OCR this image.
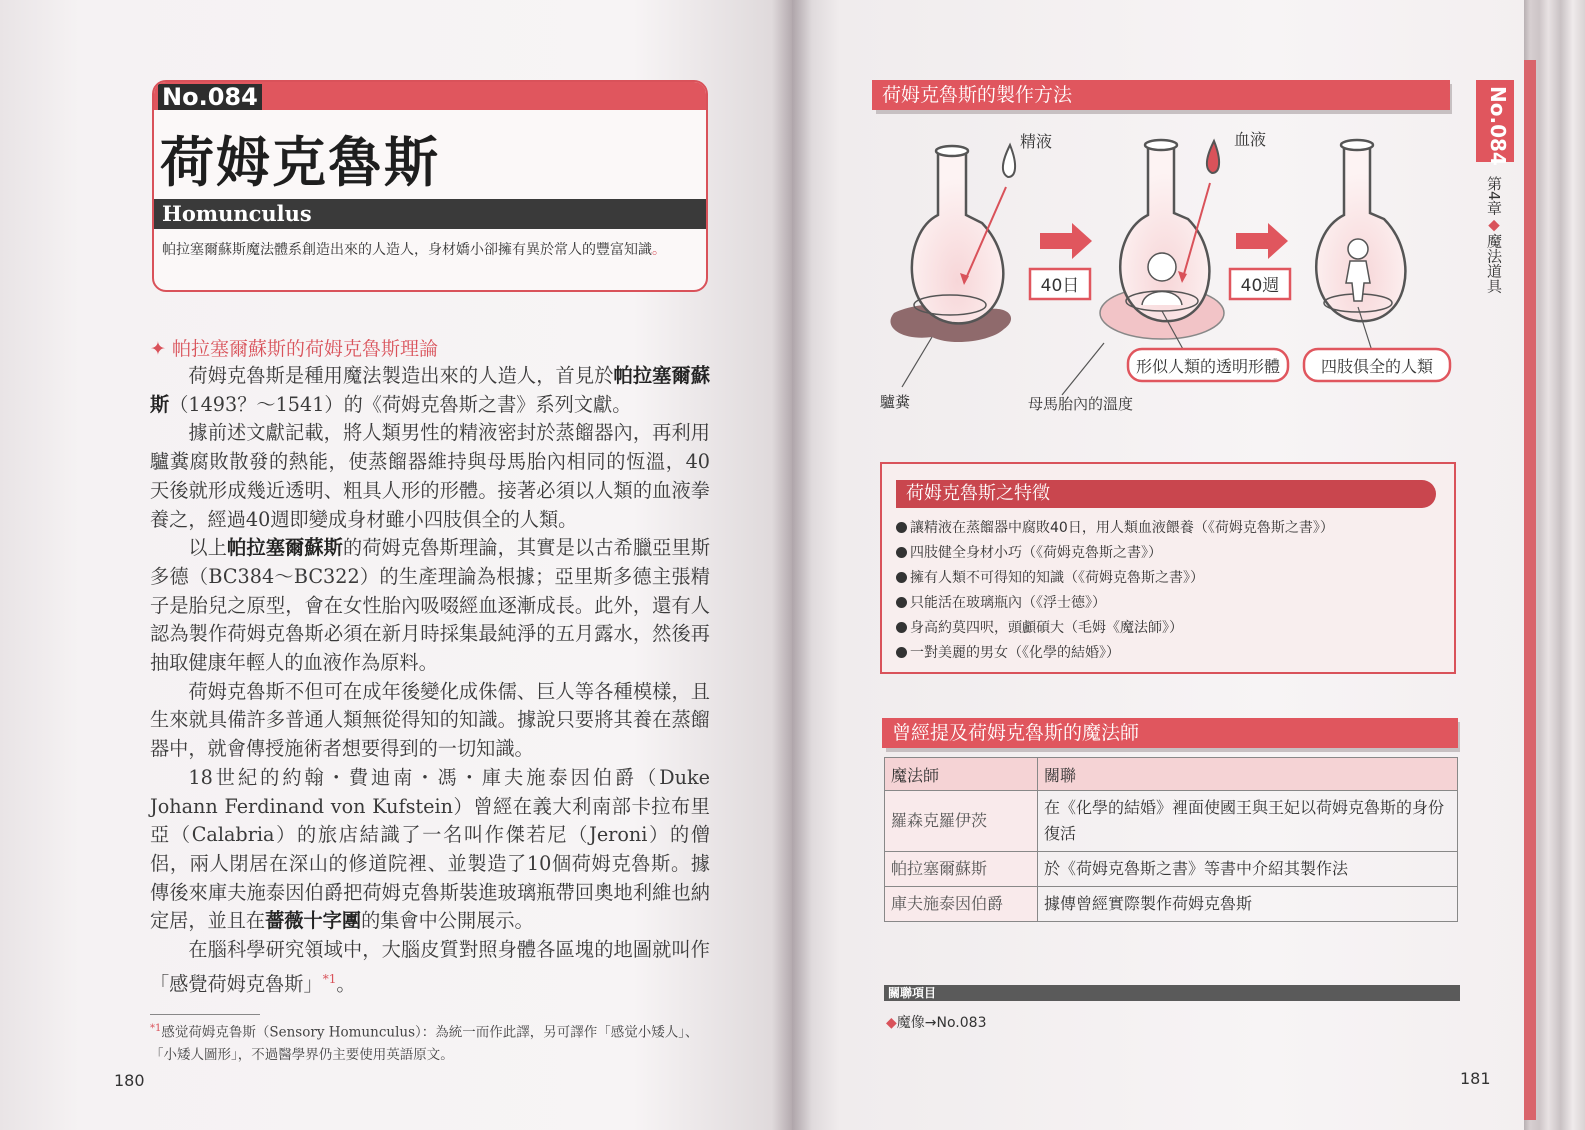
No.084
荷姆克魯斯
Homunculus
帕拉塞爾蘇斯魔法體系創造出來的人造人，身材嬌小卻擁有異於常人的豐富知識。
✦ 帕拉塞爾蘇斯的荷姆克魯斯理論

荷姆克魯斯是種用魔法製造出來的人造人，首見於帕拉塞爾蘇斯（1493？～1541）的《荷姆克魯斯之書》系列文獻。

據前述文獻記載，將人類男性的精液密封於蒸餾器內，再利用驢糞腐敗散發的熱能，使蒸餾器維持與母馬胎內相同的恆溫，40天後就形成幾近透明、粗具人形的形體。接著必須以人類的血液拳養之，經過40週即變成身材雖小四肢俱全的人類。

以上帕拉塞爾蘇斯的荷姆克魯斯理論，其實是以古希臘亞里斯多德（BC384～BC322）的生產理論為根據；亞里斯多德主張精子是胎兒之原型，會在女性胎內吸啜經血逐漸成長。此外，還有人認為製作荷姆克魯斯必須在新月時採集最純淨的五月露水，然後再抽取健康年輕人的血液作為原料。

荷姆克魯斯不但可在成年後變化成侏儒、巨人等各種模樣，且生來就具備許多普通人類無從得知的知識。據說只要將其養在蒸餾器中，就會傳授施術者想要得到的一切知識。

18世紀的約翰・費迪南・馮・庫夫施泰因伯爵（Duke Johann Ferdinand von Kufstein）曾經在義大利南部卡拉布里亞（Calabria）的旅店結識了一名叫作傑若尼（Jeroni）的僧侶，兩人閉居在深山的修道院裡、並製造了10個荷姆克魯斯。據傳後來庫夫施泰因伯爵把荷姆克魯斯裝進玻璃瓶帶回奧地利維也納定居，並且在薔薇十字團的集會中公開展示。

在腦科學研究領域中，大腦皮質對照身體各區塊的地圖就叫作「感覺荷姆克魯斯」$^{*1}$。

$^{*1}$感觉荷姆克鲁斯（Sensory Homunculus）：為統一而作此譯，另可譯作「感觉小矮人」、「小矮人圖形」，不過醫學界仍主要使用英語原文。
180
荷姆克魯斯的製作方法
精液	血液
40日	40週
形似人類的透明形體	四肢俱全的人類
驢糞	母馬胎內的溫度
荷姆克魯斯之特徵
讓精液在蒸餾器中腐敗40日，用人類血液餵養（《荷姆克魯斯之書》）
四肢健全身材小巧（《荷姆克魯斯之書》）
擁有人類不可得知的知識（《荷姆克魯斯之書》）
只能活在玻璃瓶內（《浮士德》）
身高約莫四呎，頭顱碩大（毛姆《魔法師》）
一對美麗的男女（《化學的結婚》）
曾經提及荷姆克魯斯的魔法師
魔法師	關聯
羅森克羅伊茨	在《化學的結婚》裡面使國王與王妃以荷姆克魯斯的身份復活
帕拉塞爾蘇斯	於《荷姆克魯斯之書》等書中介紹其製作法
庫夫施泰因伯爵	據傳曾經實際製作荷姆克魯斯
關聯項目
◆魔像→No.083
181
No.084
第4章◆魔法道具
